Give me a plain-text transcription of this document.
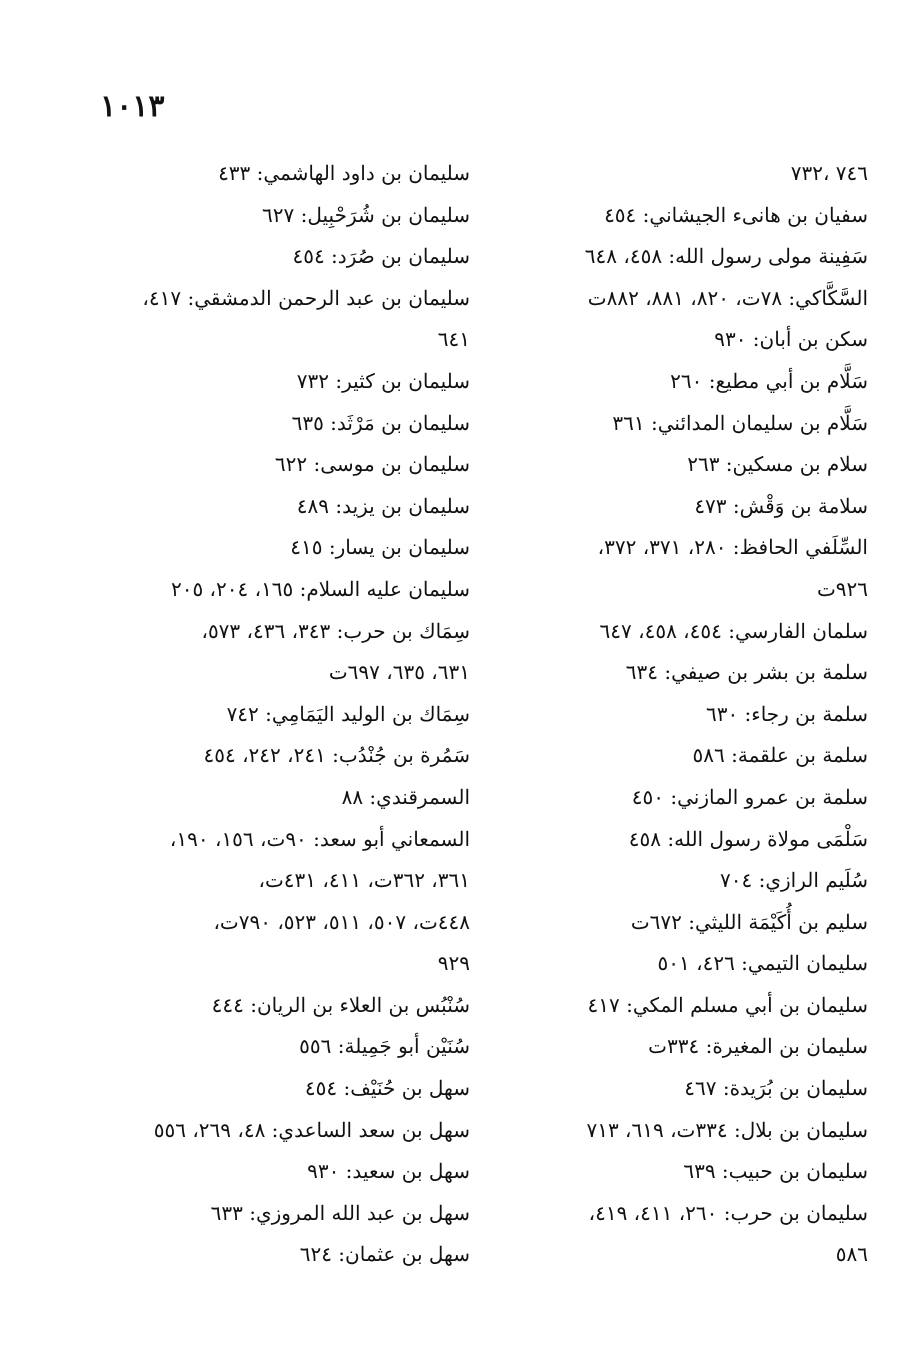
١٠١٣
٧٤٦ ،٧٣٢
سفيان بن هانىء الجيشاني: ٤٥٤
سَفِينة مولى رسول الله: ٤٥٨، ٦٤٨
السَّكَّاكي: ٧٨ت، ٨٢٠، ٨٨١، ٨٨٢ت
سكن بن أبان: ٩٣٠
سَلَّام بن أبي مطيع: ٢٦٠
سَلَّام بن سليمان المدائني: ٣٦١
سلام بن مسكين: ٢٦٣
سلامة بن وَقْش: ٤٧٣
السِّلَفي الحافظ: ٢٨٠، ٣٧١، ٣٧٢،
٩٢٦ت
سلمان الفارسي: ٤٥٤، ٤٥٨، ٦٤٧
سلمة بن بشر بن صيفي: ٦٣٤
سلمة بن رجاء: ٦٣٠
سلمة بن علقمة: ٥٨٦
سلمة بن عمرو المازني: ٤٥٠
سَلْمَى مولاة رسول الله: ٤٥٨
سُلَيم الرازي: ٧٠٤
سليم بن أُكَيْمَة الليثي: ٦٧٢ت
سليمان التيمي: ٤٢٦، ٥٠١
سليمان بن أبي مسلم المكي: ٤١٧
سليمان بن المغيرة: ٣٣٤ت
سليمان بن بُرَيدة: ٤٦٧
سليمان بن بلال: ٣٣٤ت، ٦١٩، ٧١٣
سليمان بن حبيب: ٦٣٩
سليمان بن حرب: ٢٦٠، ٤١١، ٤١٩،
٥٨٦
سليمان بن داود الهاشمي: ٤٣٣
سليمان بن شُرَحْبِيل: ٦٢٧
سليمان بن صُرَد: ٤٥٤
سليمان بن عبد الرحمن الدمشقي: ٤١٧،
٦٤١
سليمان بن كثير: ٧٣٢
سليمان بن مَرْثَد: ٦٣٥
سليمان بن موسى: ٦٢٢
سليمان بن يزيد: ٤٨٩
سليمان بن يسار: ٤١٥
سليمان عليه السلام: ١٦٥، ٢٠٤، ٢٠٥
سِمَاك بن حرب: ٣٤٣، ٤٣٦، ٥٧٣،
٦٣١، ٦٣٥، ٦٩٧ت
سِمَاك بن الوليد اليَمَامِي: ٧٤٢
سَمُرة بن جُنْدُب: ٢٤١، ٢٤٢، ٤٥٤
السمرقندي: ٨٨
السمعاني أبو سعد: ٩٠ت، ١٥٦، ١٩٠،
٣٦١، ٣٦٢ت، ٤١١، ٤٣١ت،
٤٤٨ت، ٥٠٧، ٥١١، ٥٢٣، ٧٩٠ت،
٩٢٩
سُنْبُس بن العلاء بن الريان: ٤٤٤
سُنَيْن أبو جَمِيلة: ٥٥٦
سهل بن حُنَيْف: ٤٥٤
سهل بن سعد الساعدي: ٤٨، ٢٦٩، ٥٥٦
سهل بن سعيد: ٩٣٠
سهل بن عبد الله المروزي: ٦٣٣
سهل بن عثمان: ٦٢٤
